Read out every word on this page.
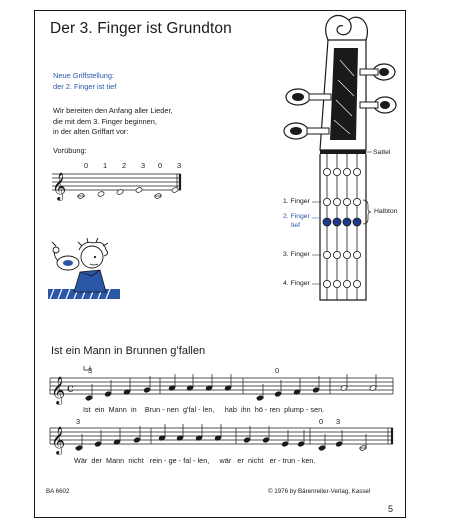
Der 3. Finger ist Grundton
Neue Griffstellung:
der 2. Finger ist tief
Wir bereiten den Anfang aller Lieder,
die mit dem 3. Finger beginnen,
in der alten Griffart vor:
Vorübung:
0 1 2 3 0 3
𝄞
Sattel
1. Finger
2. Finger
tief
3. Finger
4. Finger
Halbton
Ist ein Mann in Brunnen g’fallen
3	0
𝄞 c
Ist  ein  Mann  in    Brun - nen  g'fal - len,     hab  ihn  hö - ren  plump - sen.
3	0 3
𝄞
Wär  der  Mann  nicht   rein - ge - fal - len,     wär   er  nicht   er - trun - ken.
BA 6602	© 1976 by Bärenreiter-Verlag, Kassel
5
